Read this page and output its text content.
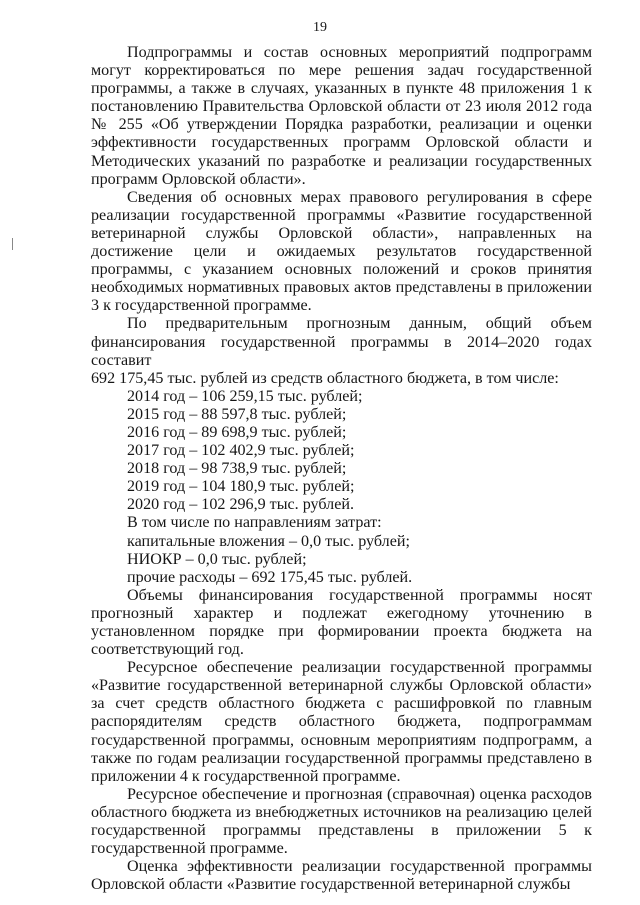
19

Подпрограммы и состав основных мероприятий подпрограмм могут корректироваться по мере решения задач государственной программы, а также в случаях, указанных в пункте 48 приложения 1 к постановлению Правительства Орловской области от 23 июля 2012 года № 255 «Об утверждении Порядка разработки, реализации и оценки эффективности государственных программ Орловской области и Методических указаний по разработке и реализации государственных программ Орловской области».

Сведения об основных мерах правового регулирования в сфере реализации государственной программы «Развитие государственной ветеринарной службы Орловской области», направленных на достижение цели и ожидаемых результатов государственной программы, с указанием основных положений и сроков принятия необходимых нормативных правовых актов представлены в приложении 3 к государственной программе.

По предварительным прогнозным данным, общий объем финансирования государственной программы в 2014–2020 годах составит

692 175,45 тыс. рублей из средств областного бюджета, в том числе:

2014 год – 106 259,15 тыс. рублей;

2015 год – 88 597,8 тыс. рублей;

2016 год – 89 698,9 тыс. рублей;

2017 год – 102 402,9 тыс. рублей;

2018 год – 98 738,9 тыс. рублей;

2019 год – 104 180,9 тыс. рублей;

2020 год – 102 296,9 тыс. рублей.

В том числе по направлениям затрат:

капитальные вложения – 0,0 тыс. рублей;

НИОКР – 0,0 тыс. рублей;

прочие расходы – 692 175,45 тыс. рублей.

Объемы финансирования государственной программы носят прогнозный характер и подлежат ежегодному уточнению в установленном порядке при формировании проекта бюджета на соответствующий год.

Ресурсное обеспечение реализации государственной программы «Развитие государственной ветеринарной службы Орловской области» за счет средств областного бюджета с расшифровкой по главным распорядителям средств областного бюджета, подпрограммам государственной программы, основным мероприятиям подпрограмм, а также по годам реализации государственной программы представлено в приложении 4 к государственной программе.

Ресурсное обеспечение и прогнозная (справочная) оценка расходов областного бюджета из внебюджетных источников на реализацию целей государственной программы представлены в приложении 5 к государственной программе.

Оценка эффективности реализации государственной программы Орловской области «Развитие государственной ветеринарной службы
